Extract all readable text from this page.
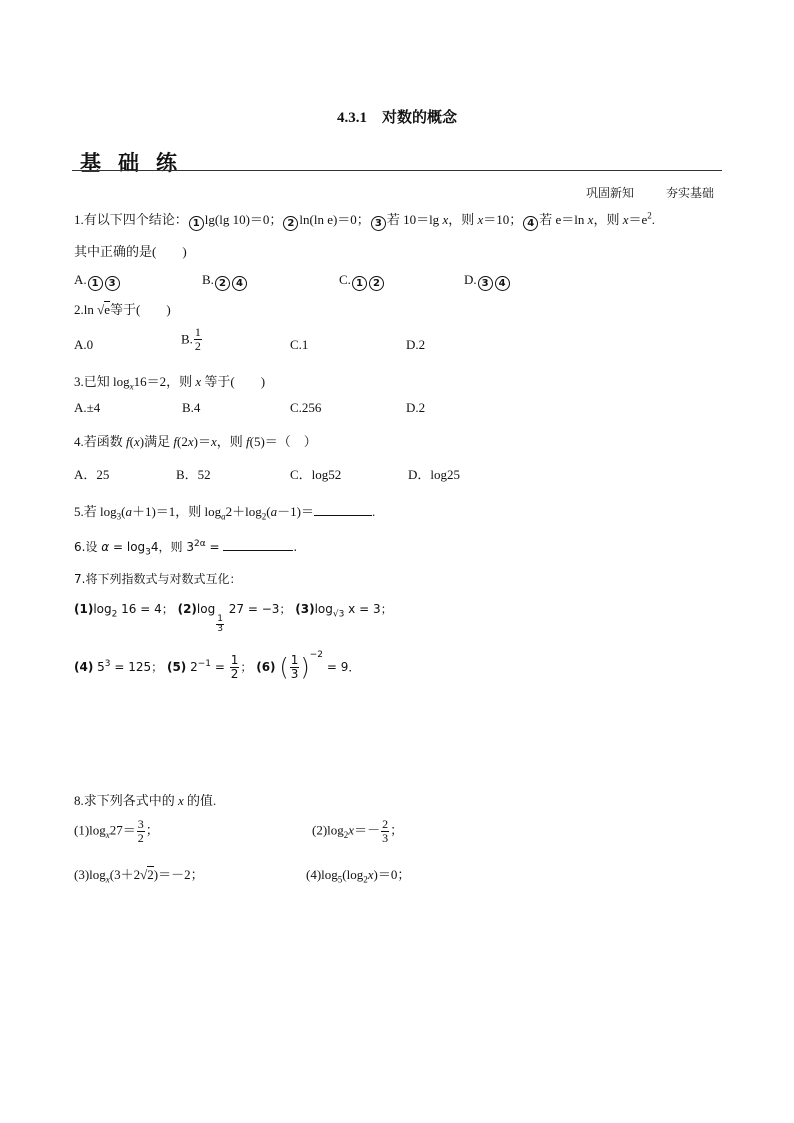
4.3.1　对数的概念
基础练
巩固新知	夯实基础
1.有以下四个结论： 1 lg(lg 10)＝0； 2 ln(ln e)＝0； 3 若 10＝lg x，则 x＝10； 4 若 e＝ln x，则 $x=e^2$.
其中正确的是(　　)
A. 1 3	B. 2 4	C. 1 2	D. 3 4
2.ln √e等于(　　)
A.0	B. $\frac{1}{2}$	C.1	D.2
3.已知 $\log_x16=2$，则 x 等于(　　)
A.±4	B.4	C.256	D.2
4.若函数 f(x)满足 f(2x)＝x，则 f(5)＝（　）
A．25	B．52	C．log52	D．log25
5.若 $\log_3(a+1)=1$，则 $\log_a2+\log_2(a-1)=$	.
6.设 $\alpha = \log_34$，则 $3^{2\alpha}$ =	.
7.将下列指数式与对数式互化：
$(1)\log_2$ 16 = 4； (2)log
$\frac{1}{3}$
27 = −3； $(3)\log_{√3}$ x = 3；
(4) $5^3 = 125$； (5) $2^{-1} = \frac{1}{2}$ ； (6) ( $\frac{1}{3} )^{-2} = 9$．
8.求下列各式中的 x 的值.
$(1)\log_x27= \frac{3}{2}$ ；	$(2)\log_2x=- \frac{2}{3}$ ；
$(3)\log_x(3+2√2)=-2$；	$(4)\log_5(\log_2x)=0$；
